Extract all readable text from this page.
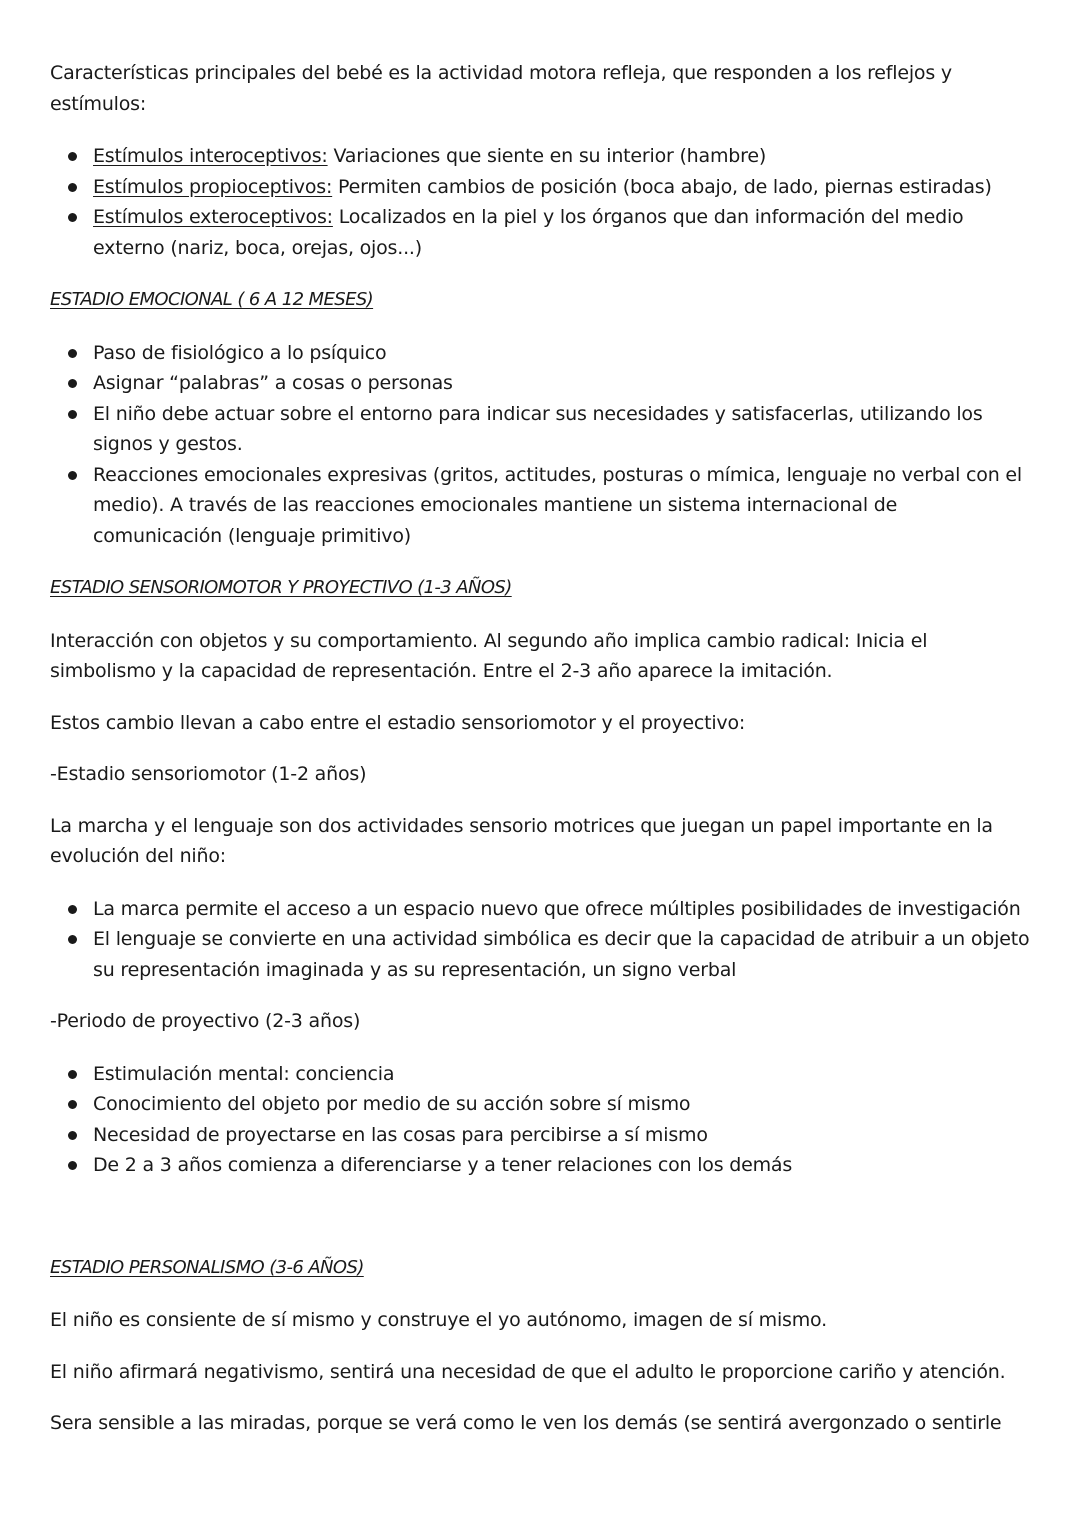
Características principales del bebé es la actividad motora refleja, que responden a los reflejos y estímulos:

Estímulos interoceptivos: Variaciones que siente en su interior (hambre)
Estímulos propioceptivos: Permiten cambios de posición (boca abajo, de lado, piernas estiradas)
Estímulos exteroceptivos: Localizados en la piel y los órganos que dan información del medio externo (nariz, boca, orejas, ojos...)

ESTADIO EMOCIONAL ( 6 A 12 MESES)

Paso de fisiológico a lo psíquico
Asignar “palabras” a cosas o personas
El niño debe actuar sobre el entorno para indicar sus necesidades y satisfacerlas, utilizando los signos y gestos.
Reacciones emocionales expresivas (gritos, actitudes, posturas o mímica, lenguaje no verbal con el medio). A través de las reacciones emocionales mantiene un sistema internacional de comunicación (lenguaje primitivo)

ESTADIO SENSORIOMOTOR Y PROYECTIVO (1-3 AÑOS)

Interacción con objetos y su comportamiento. Al segundo año implica cambio radical: Inicia el simbolismo y la capacidad de representación. Entre el 2-3 año aparece la imitación.

Estos cambio llevan a cabo entre el estadio sensoriomotor y el proyectivo:

-Estadio sensoriomotor (1-2 años)

La marcha y el lenguaje son dos actividades sensorio motrices que juegan un papel importante en la evolución del niño:

La marca permite el acceso a un espacio nuevo que ofrece múltiples posibilidades de investigación
El lenguaje se convierte en una actividad simbólica es decir que la capacidad de atribuir a un objeto su representación imaginada y as su representación, un signo verbal

-Periodo de proyectivo (2-3 años)

Estimulación mental: conciencia
Conocimiento del objeto por medio de su acción sobre sí mismo
Necesidad de proyectarse en las cosas para percibirse a sí mismo
De 2 a 3 años comienza a diferenciarse y a tener relaciones con los demás

ESTADIO PERSONALISMO (3-6 AÑOS)

El niño es consiente de sí mismo y construye el yo autónomo, imagen de sí mismo.

El niño afirmará negativismo, sentirá una necesidad de que el adulto le proporcione cariño y atención.

Sera sensible a las miradas, porque se verá como le ven los demás (se sentirá avergonzado o sentirle
